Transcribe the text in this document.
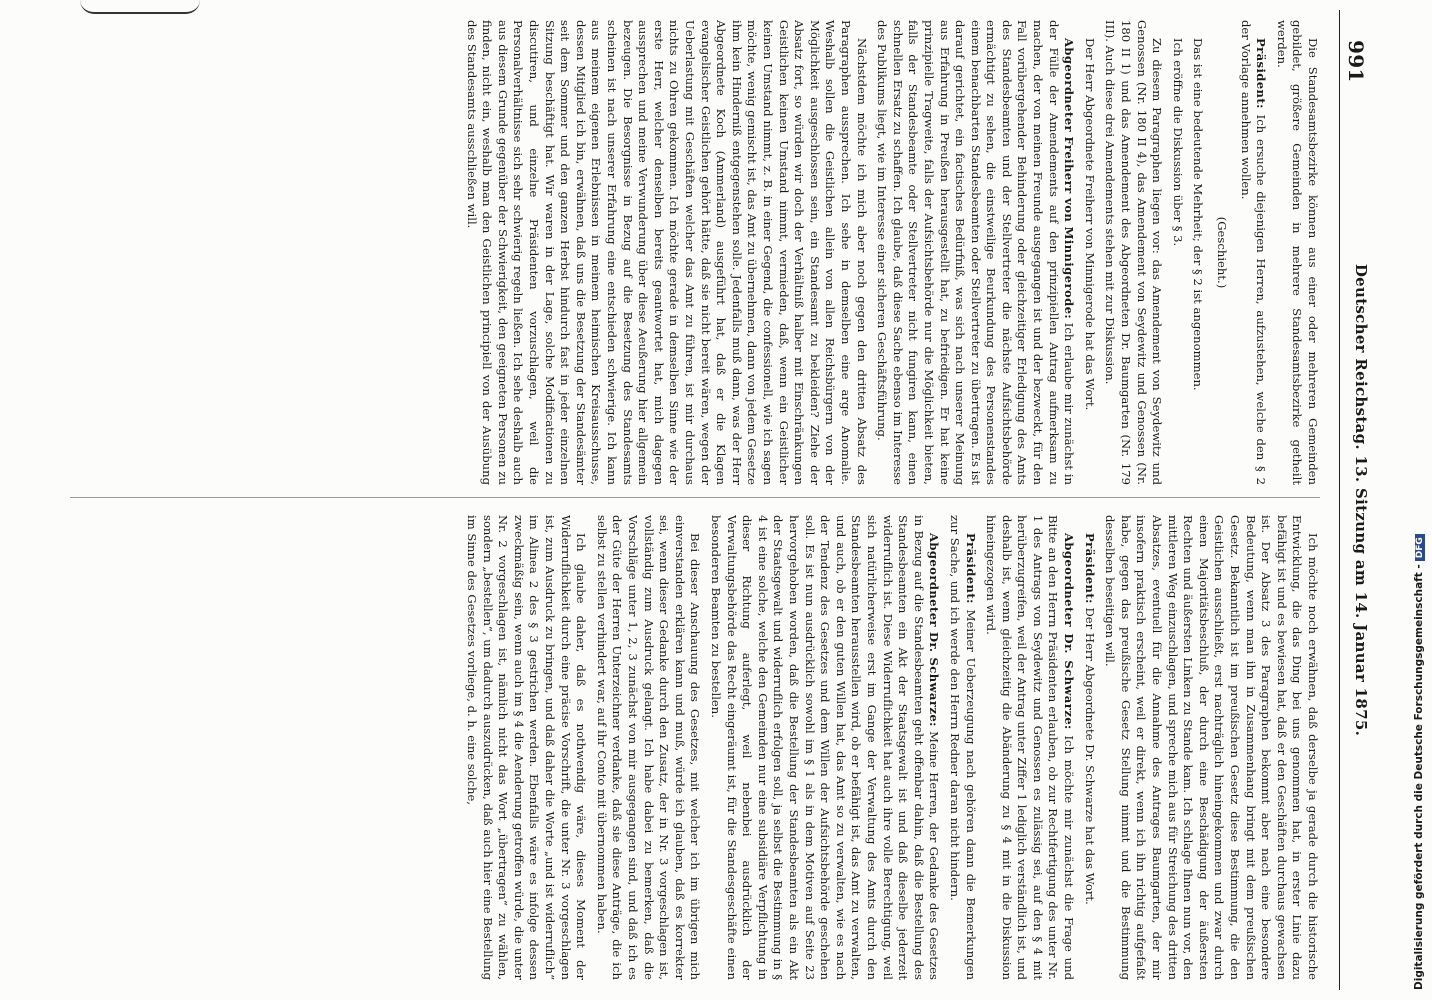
991
Deutscher Reichstag. 13. Sitzung am 14. Januar 1875.

Die Standesamtsbezirke können aus einer oder mehreren Gemeinden gebildet, größere Gemeinden in mehrere Standesamtsbezirke getheilt werden.

Präsident: Ich ersuche diejenigen Herren, aufzustehen, welche den § 2 der Vorlage annehmen wollen.

(Geschieht.)

Das ist eine bedeutende Mehrheit; der § 2 ist angenommen.

Ich eröffne die Diskussion über § 3.

Zu diesem Paragraphen liegen vor: das Amendement von Seydewitz und Genossen (Nr. 180 II 4), das Amendement von Seydewitz und Genossen (Nr. 180 II 1) und das Amendement des Abgeordneten Dr. Baumgarten (Nr. 179 III). Auch diese drei Amendements stehen mit zur Diskussion.

Der Herr Abgeordnete Freiherr von Minnigerode hat das Wort.

Abgeordneter Freiherr von Minnigerode: Ich erlaube mir zunächst in der Fülle der Amendements auf den prinzipiellen Antrag aufmerksam zu machen, der von meinen Freunde ausgegangen ist und der bezweckt, für den Fall vorübergehender Behinderung oder gleichzeitiger Erledigung des Amts des Standesbeamten und der Stellvertreter die nächste Aufsichtsbehörde ermächtigt zu sehen, die einstweilige Beurkundung des Personenstandes einem benachbarten Standesbeamten oder Stellvertreter zu übertragen. Es ist darauf gerichtet, ein factisches Bedürfniß, was sich nach unserer Meinung aus Erfahrung in Preußen herausgestellt hat, zu befriedigen. Er hat keine prinzipielle Tragweite, falls der Aufsichtsbehörde nur die Möglichkeit bieten, falls der Standesbeamte oder Stellvertreter nicht fungiren kann, einen schnellen Ersatz zu schaffen. Ich glaube, daß diese Sache ebenso im Interesse des Publikums liegt, wie im Interesse einer sicheren Geschäftsführung.

Nächstdem möchte ich mich aber noch gegen den dritten Absatz des Paragraphen aussprechen. Ich sehe in demselben eine arge Anomalie. Weshalb sollen die Geistlichen allein von allen Reichsbürgern von der Möglichkeit ausgeschlossen sein, ein Standesamt zu bekleiden? Ziehe der Absatz fort, so würden wir doch der Verhältniß halber mit Einschränkungen Geistlichen keinen Umstand nimmt, vermieden, daß, wenn ein Geistlicher keinen Umstand nimmt, z. B. in einer Gegend, die confessionell, wie ich sagen möchte, wenig gemischt ist, das Amt zu übernehmen, dann von jedem Gesetze ihm kein Hinderniß entgegenstehen solle. Jedenfalls muß dann, was der Herr Abgeordnete Koch (Ammerland) ausgeführt hat, daß er die Klagen evangelischer Geistlichen gehört hätte, daß sie nicht bereit wären, wegen der Ueberlastung mit Geschäften welcher das Amt zu führen, ist mir durchaus nichts zu Ohren gekommen. Ich möchte gerade in demselben Sinne wie der erste Herr, welcher denselben bereits geantwortet hat, mich dagegen aussprechen und meine Verwunderung über diese Aeußerung hier allgemein bezeugen. Die Besorgnisse in Bezug auf die Besetzung des Standesamts scheinen ist nach unserer Erfahrung eine entschieden schwierige. Ich kann aus meinem eigenen Erlebnissen in meinem heimischen Kreisausschusse, dessen Mitglied ich bin, erwähnen, daß uns die Besetzung der Standesämter seit dem Sommer und den ganzen Herbst hindurch fast in jeder einzelnen Sitzung beschäftigt hat. Wir waren in der Lage, solche Modificationen zu discutiren, und einzelne Präsidenten vorzuschlagen, weil die Personalverhältnisse sich sehr schwierig regeln ließen. Ich sehe deshalb auch aus diesem Grunde gegenüber der Schwierigkeit, den geeigneten Personen zu finden, nicht ein, weshalb man den Geistlichen principiell von der Ausübung des Standesamts ausschließen will.

Ich möchte noch erwähnen, daß derselbe ja gerade durch die historische Entwicklung, die das Ding bei uns genommen hat, in erster Linie dazu befähigt ist und es bewiesen hat, daß er den Geschäften durchaus gewachsen ist. Der Absatz 3 des Paragraphen bekommt aber nach eine besondere Bedeutung, wenn man ihn in Zusammenhang bringt mit dem preußischen Gesetz. Bekanntlich ist im preußischen Gesetz diese Bestimmung, die den Geistlichen ausschließt, erst nachträglich hineingekommen und zwar durch einen Majoritätsbeschluß, der durch eine Beschädigung der äußersten Rechten und äußersten Linken zu Stande kam. Ich schlage Ihnen nun vor, den mittleren Weg einzuschlagen, und spreche mich aus für Streichung des dritten Absatzes, eventuell für die Annahme des Antrages Baumgarten, der mir insofern praktisch erscheint, weil er direkt, wenn ich ihn richtig aufgefaßt habe, gegen das preußische Gesetz Stellung nimmt und die Bestimmung desselben beseitigen will.

Präsident: Der Herr Abgeordnete Dr. Schwarze hat das Wort.

Abgeordneter Dr. Schwarze: Ich möchte mir zunächst die Frage und Bitte an den Herrn Präsidenten erlauben, ob zur Rechtfertigung des unter Nr. 1 des Antrags von Seydewitz und Genossen es zulässig sei, auf den § 4 mit herüberzugreifen, weil der Antrag unter Ziffer 1 lediglich verständlich ist, und deshalb ist, wenn gleichzeitig die Abänderung zu § 4 mit in die Diskussion hineingezogen wird.

Präsident: Meiner Ueberzeugung nach gehören dann die Bemerkungen zur Sache, und ich werde den Herrn Redner daran nicht hindern.

Abgeordneter Dr. Schwarze: Meine Herren, der Gedanke des Gesetzes in Bezug auf die Standesbeamten geht offenbar dahin, daß die Bestellung des Standesbeamten ein Akt der Staatsgewalt ist und daß dieselbe jederzeit widerruflich ist. Diese Widerruflichkeit hat auch ihre volle Berechtigung, weil sich natürlicherweise erst im Gange der Verwaltung des Amts durch den Standesbeamten herausstellen wird, ob er befähigt ist, das Amt zu verwalten, und auch, ob er den guten Willen hat, das Amt so zu verwalten, wie es nach der Tendenz des Gesetzes und dem Willen der Aufsichtsbehörde geschehen soll. Es ist nun ausdrücklich sowohl im § 1 als in dem Motiven auf Seite 23 hervorgehoben worden, daß die Bestellung der Standesbeamten als ein Akt der Staatsgewalt und widerruflich erfolgen soll, ja selbst die Bestimmung in § 4 ist eine solche, welche den Gemeinden nur eine subsidiäre Verpflichtung in dieser Richtung auferlegt, weil nebenbei ausdrücklich der Verwaltungsbehörde das Recht eingeräumt ist, für die Standesgeschäfte einen besonderen Beamten zu bestellen.

Bei dieser Anschauung des Gesetzes, mit welcher ich im übrigen mich einverstanden erklären kann und muß, würde ich glauben, daß es korrekter sei, wenn dieser Gedanke durch den Zusatz, der in Nr. 3 vorgeschlagen ist, vollständig zum Ausdruck gelangt. Ich habe dabei zu bemerken, daß die Vorschläge unter 1, 2, 3 zunächst von mir ausgegangen sind, und daß ich es der Güte der Herren Unterzeichner verdanke, daß sie diese Anträge, die ich selbst zu stellen verhindert war, auf ihr Conto mit übernommen haben.

Ich glaube daher, daß es nothwendig wäre, dieses Moment der Widerruflichkeit durch eine präcise Vorschrift, die unter Nr. 3 vorgeschlagen ist, zum Ausdruck zu bringen, und daß daher die Worte „und ist widerruflich“ im Alinea 2 des § 3 gestrichen werden. Ebenfalls wäre es infolge dessen zweckmäßig sein, wenn auch im § 4 die Aenderung getroffen würde, die unter Nr. 2 vorgeschlagen ist, nämlich nicht das Wort „übertragen“ zu wählen, sondern „bestellen“, um dadurch auszudrücken, daß auch hier eine Bestellung im Sinne des Gesetzes vorliege, d. h. eine solche,	Digitalisierung gefördert durch die Deutsche Forschungsgemeinschaft -DFG
